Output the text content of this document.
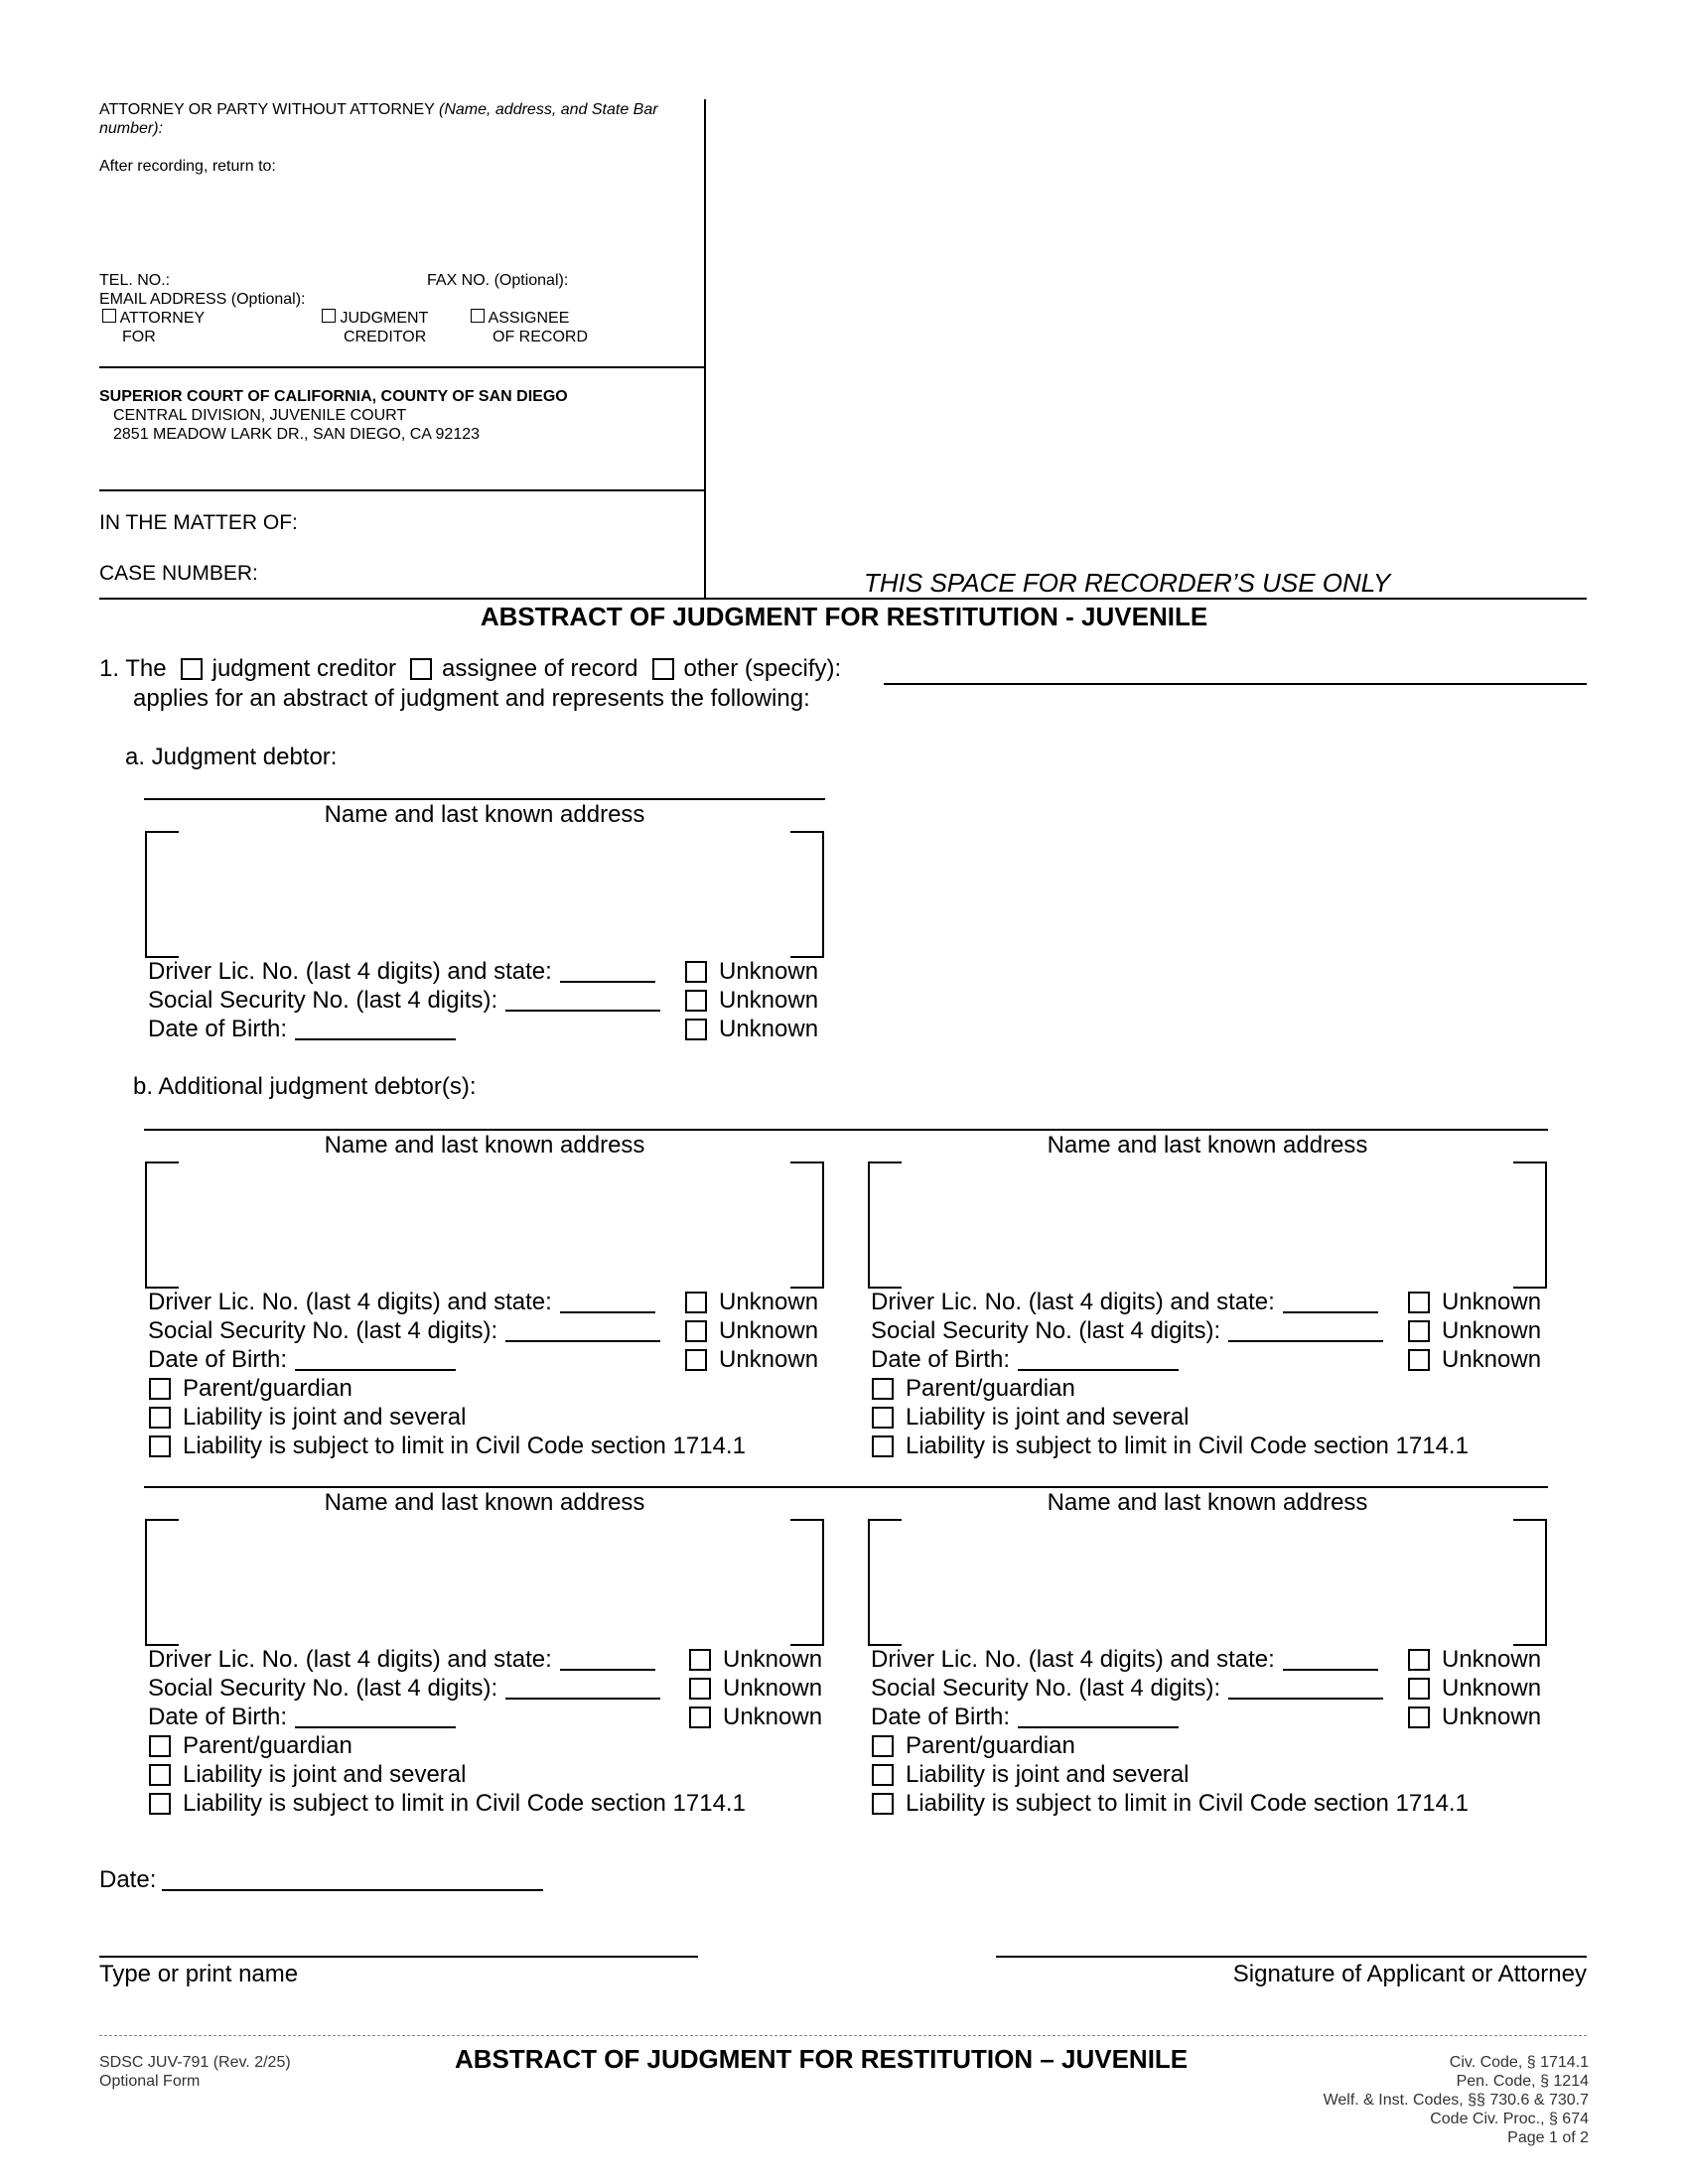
ATTORNEY OR PARTY WITHOUT ATTORNEY (Name, address, and State Bar
number):
After recording, return to:
TEL. NO.:	FAX NO. (Optional):
EMAIL ADDRESS (Optional):
ATTORNEY
FOR
JUDGMENT
CREDITOR
ASSIGNEE
OF RECORD
SUPERIOR COURT OF CALIFORNIA, COUNTY OF SAN DIEGO
CENTRAL DIVISION, JUVENILE COURT
2851 MEADOW LARK DR., SAN DIEGO, CA 92123
IN THE MATTER OF:
CASE NUMBER:	THIS SPACE FOR RECORDER’S USE ONLY
ABSTRACT OF JUDGMENT FOR RESTITUTION - JUVENILE
1. The judgment creditor assignee of record other (specify):
applies for an abstract of judgment and represents the following:
a. Judgment debtor:
Name and last known address
Driver Lic. No. (last 4 digits) and state:	Unknown
Social Security No. (last 4 digits):	Unknown
Date of Birth:	Unknown
b. Additional judgment debtor(s):
Name and last known address
Driver Lic. No. (last 4 digits) and state:	Unknown
Social Security No. (last 4 digits):	Unknown
Date of Birth:	Unknown
Parent/guardian
Liability is joint and several
Liability is subject to limit in Civil Code section 1714.1
Name and last known address
Driver Lic. No. (last 4 digits) and state:	Unknown
Social Security No. (last 4 digits):	Unknown
Date of Birth:	Unknown
Parent/guardian
Liability is joint and several
Liability is subject to limit in Civil Code section 1714.1
Name and last known address
Driver Lic. No. (last 4 digits) and state:	Unknown
Social Security No. (last 4 digits):	Unknown
Date of Birth:	Unknown
Parent/guardian
Liability is joint and several
Liability is subject to limit in Civil Code section 1714.1
Name and last known address
Driver Lic. No. (last 4 digits) and state:	Unknown
Social Security No. (last 4 digits):	Unknown
Date of Birth:	Unknown
Parent/guardian
Liability is joint and several
Liability is subject to limit in Civil Code section 1714.1
Date:
Type or print name	Signature of Applicant or Attorney
SDSC JUV-791 (Rev. 2/25)
Optional Form
ABSTRACT OF JUDGMENT FOR RESTITUTION – JUVENILE	Civ. Code, § 1714.1
Pen. Code, § 1214
Welf. & Inst. Codes, §§ 730.6 & 730.7
Code Civ. Proc., § 674
Page 1 of 2
